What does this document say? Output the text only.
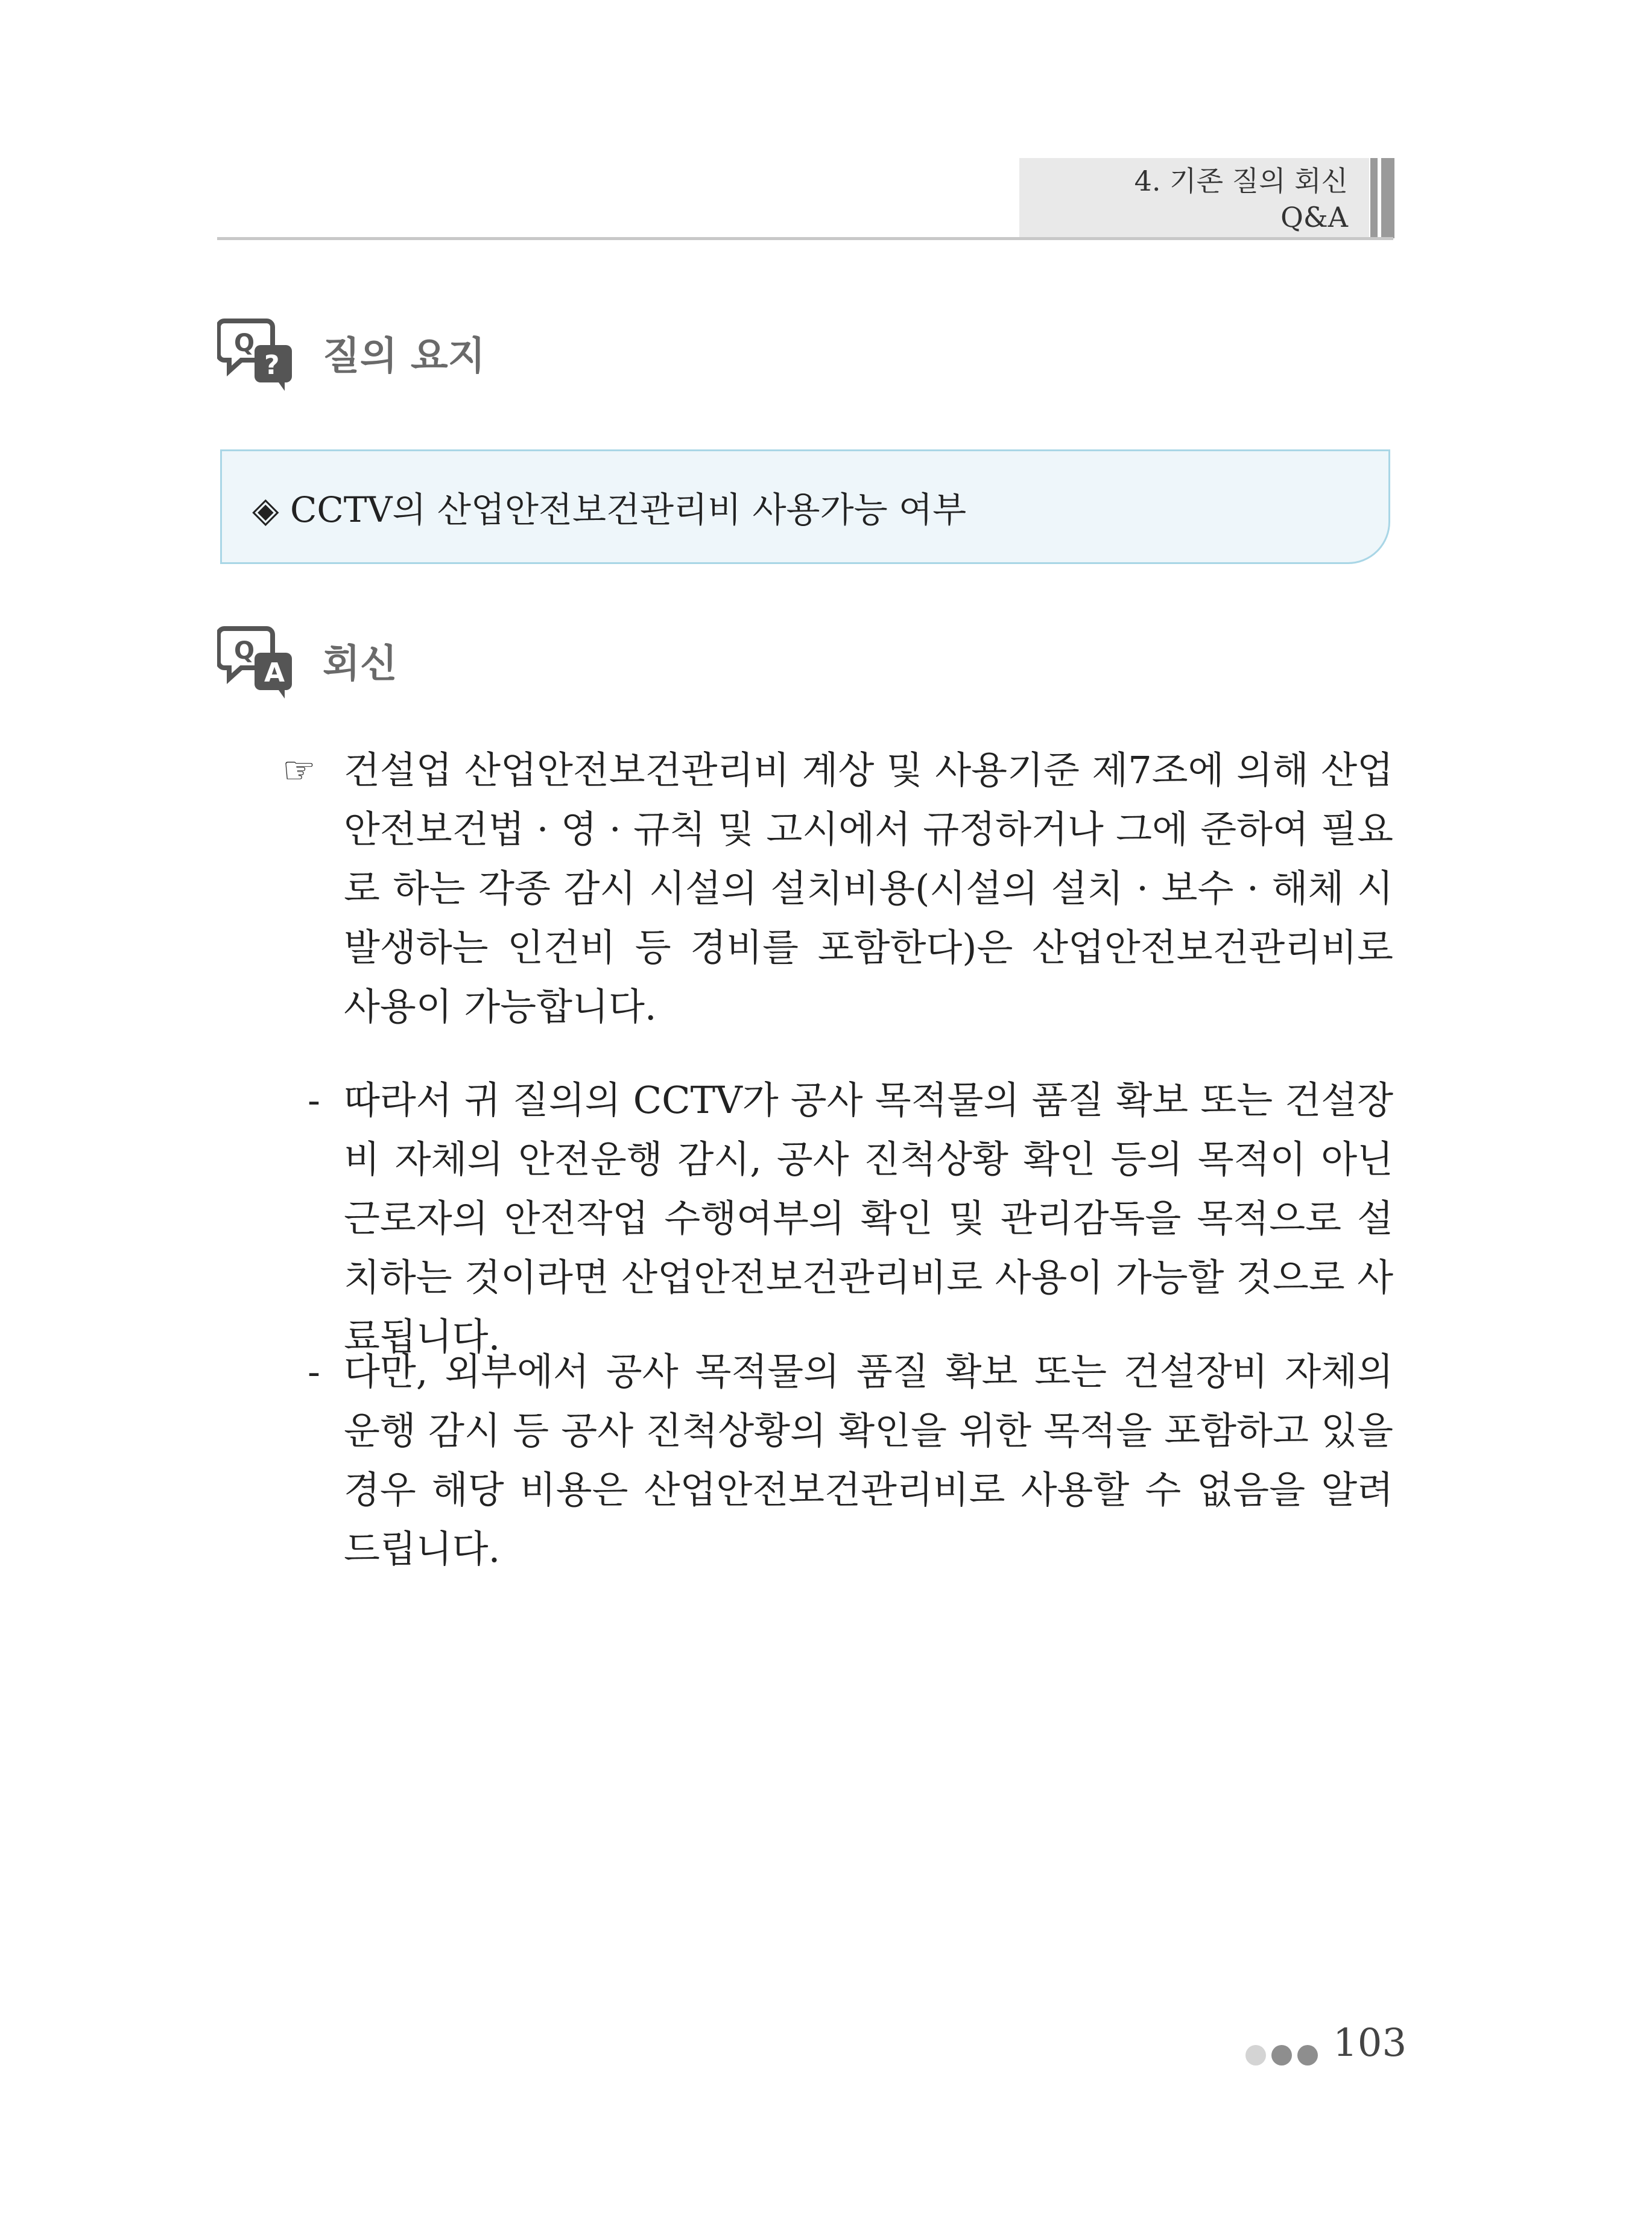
4. 기존 질의 회신
Q&A
Q
? 질의 요지
◈ CCTV의 산업안전보건관리비 사용가능 여부
Q
A 회신
☞ 건설업 산업안전보건관리비 계상 및 사용기준 제7조에 의해 산업안전보건법 · 영 · 규칙 및 고시에서 규정하거나 그에 준하여 필요로 하는 각종 감시 시설의 설치비용(시설의 설치 · 보수 · 해체 시 발생하는 인건비 등 경비를 포함한다)은 산업안전보건관리비로 사용이 가능합니다.
- 따라서 귀 질의의 CCTV가 공사 목적물의 품질 확보 또는 건설장비 자체의 안전운행 감시, 공사 진척상황 확인 등의 목적이 아닌 근로자의 안전작업 수행여부의 확인 및 관리감독을 목적으로 설치하는 것이라면 산업안전보건관리비로 사용이 가능할 것으로 사료됩니다.
- 다만, 외부에서 공사 목적물의 품질 확보 또는 건설장비 자체의 운행 감시 등 공사 진척상황의 확인을 위한 목적을 포함하고 있을 경우 해당 비용은 산업안전보건관리비로 사용할 수 없음을 알려드립니다.
103
